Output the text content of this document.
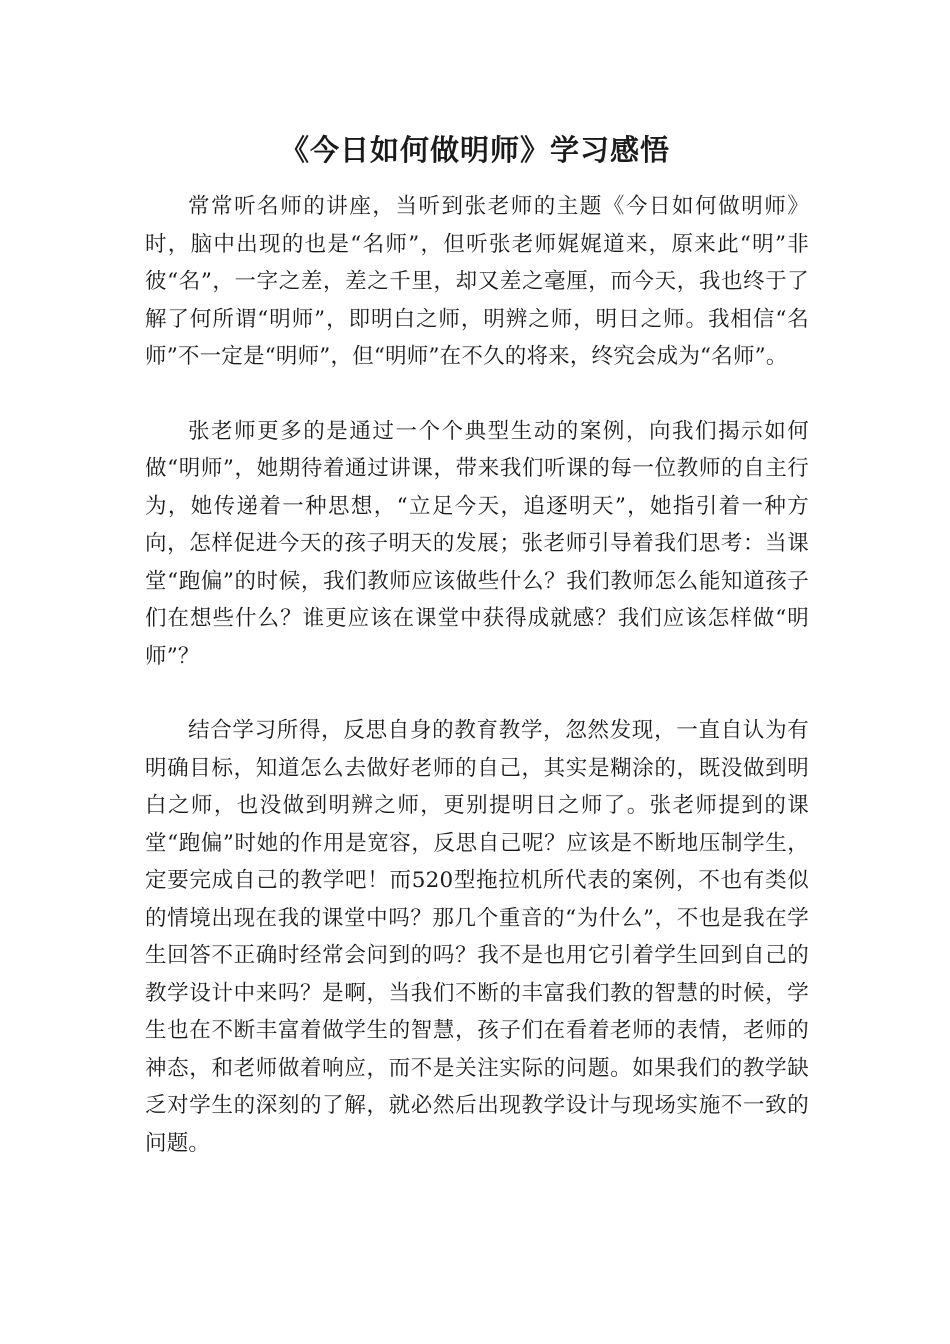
《今日如何做明师》学习感悟

常常听名师的讲座，当听到张老师的主题《今日如何做明师》时，脑中出现的也是“名师”，但听张老师娓娓道来，原来此“明”非彼“名”，一字之差，差之千里，却又差之毫厘，而今天，我也终于了解了何所谓“明师”，即明白之师，明辨之师，明日之师。我相信“名师”不一定是“明师”，但“明师”在不久的将来，终究会成为“名师”。

张老师更多的是通过一个个典型生动的案例，向我们揭示如何做“明师”，她期待着通过讲课，带来我们听课的每一位教师的自主行为，她传递着一种思想，“立足今天，追逐明天”，她指引着一种方向，怎样促进今天的孩子明天的发展；张老师引导着我们思考：当课堂“跑偏”的时候，我们教师应该做些什么？我们教师怎么能知道孩子们在想些什么？谁更应该在课堂中获得成就感？我们应该怎样做“明师”？

结合学习所得，反思自身的教育教学，忽然发现，一直自认为有明确目标，知道怎么去做好老师的自己，其实是糊涂的，既没做到明白之师，也没做到明辨之师，更别提明日之师了。张老师提到的课堂“跑偏”时她的作用是宽容，反思自己呢？应该是不断地压制学生，定要完成自己的教学吧！而520型拖拉机所代表的案例，不也有类似的情境出现在我的课堂中吗？那几个重音的“为什么”，不也是我在学生回答不正确时经常会问到的吗？我不是也用它引着学生回到自己的教学设计中来吗？是啊，当我们不断的丰富我们教的智慧的时候，学生也在不断丰富着做学生的智慧，孩子们在看着老师的表情，老师的神态，和老师做着响应，而不是关注实际的问题。如果我们的教学缺乏对学生的深刻的了解，就必然后出现教学设计与现场实施不一致的问题。
